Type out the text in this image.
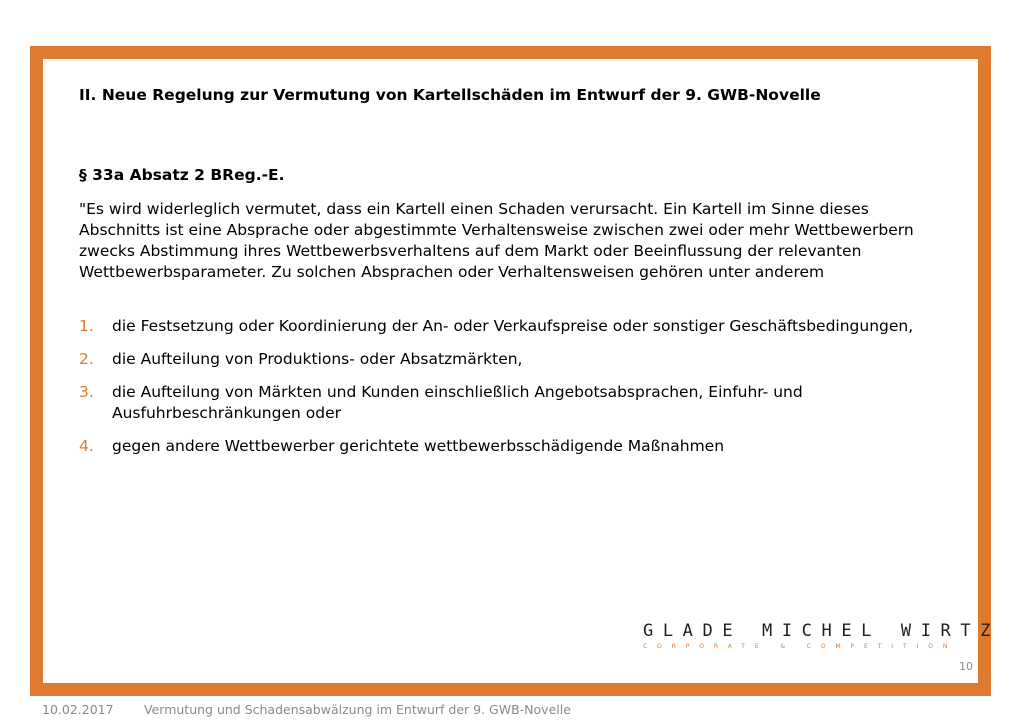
II. Neue Regelung zur Vermutung von Kartellschäden im Entwurf der 9. GWB-Novelle
§ 33a Absatz 2 BReg.-E.

"Es wird widerleglich vermutet, dass ein Kartell einen Schaden verursacht. Ein Kartell im Sinne dieses Abschnitts ist eine Absprache oder abgestimmte Verhaltensweise zwischen zwei oder mehr Wettbewerbern zwecks Abstimmung ihres Wettbewerbsverhaltens auf dem Markt oder Beeinflussung der relevanten Wettbewerbsparameter. Zu solchen Absprachen oder Verhaltensweisen gehören unter anderem

1. die Festsetzung oder Koordinierung der An- oder Verkaufspreise oder sonstiger Geschäftsbedingungen,
2. die Aufteilung von Produktions- oder Absatzmärkten,
3. die Aufteilung von Märkten und Kunden einschließlich Angebotsabsprachen, Einfuhr- und Ausfuhrbeschränkungen oder
4. gegen andere Wettbewerber gerichtete wettbewerbsschädigende Maßnahmen
GLADE MICHEL WIRTZ
CORPORATE & COMPETITION
10
10.02.2017 Vermutung und Schadensabwälzung im Entwurf der 9. GWB-Novelle
